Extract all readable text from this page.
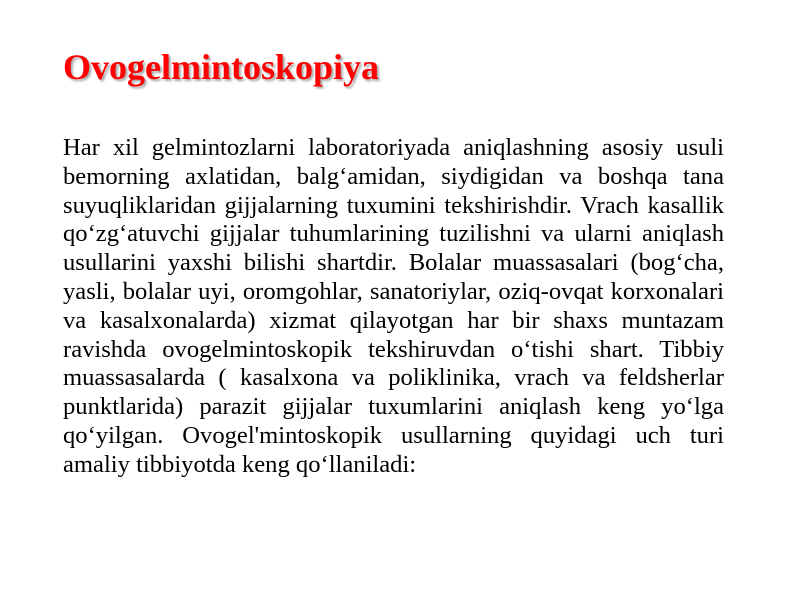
Ovogelmintoskopiya

Har xil gelmintozlarni laboratoriyada aniqlashning asosiy usuli bemorning axlatidan, balg‘amidan, siydigidan va boshqa tana suyuqliklaridan gijjalarning tuxumini tekshirishdir. Vrach kasallik qo‘zg‘atuvchi gijjalar tuhumlarining tuzilishni va ularni aniqlash usullarini yaxshi bilishi shartdir. Bolalar muassasalari (bog‘cha, yasli, bolalar uyi, oromgohlar, sanatoriylar, oziq-ovqat korxonalari va kasalxonalarda) xizmat qilayotgan har bir shaxs muntazam ravishda ovogelmintoskopik tekshiruvdan o‘tishi shart. Tibbiy muassasalarda ( kasalxona va poliklinika, vrach va feldsherlar punktlarida) parazit gijjalar tuxumlarini aniqlash keng yo‘lga qo‘yilgan. Ovogel'mintoskopik usullarning quyidagi uch turi amaliy tibbiyotda keng qo‘llaniladi:
